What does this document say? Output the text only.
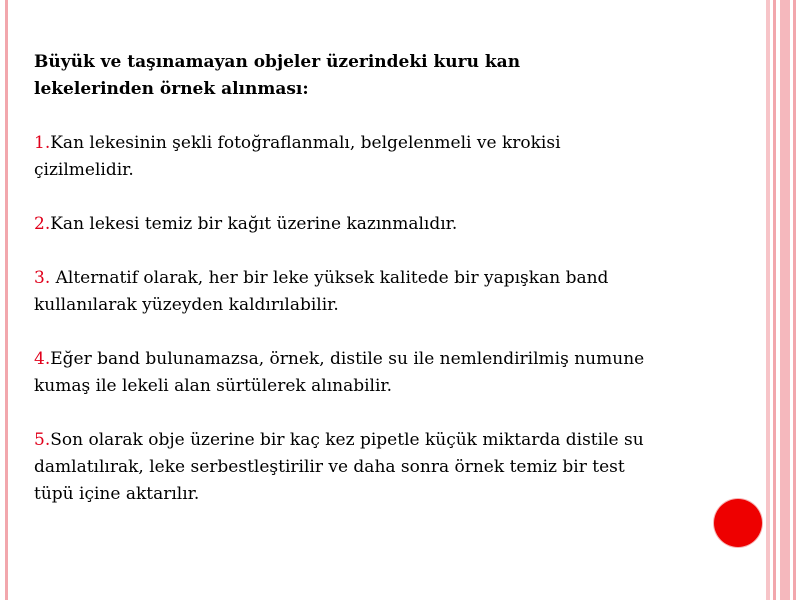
Büyük ve taşınamayan objeler üzerindeki kuru kan

lekelerinden örnek alınması:

1.Kan lekesinin şekli fotoğraflanmalı, belgelenmeli ve krokisi

çizilmelidir.

2.Kan lekesi temiz bir kağıt üzerine kazınmalıdır.

3. Alternatif olarak, her bir leke yüksek kalitede bir yapışkan band

kullanılarak yüzeyden kaldırılabilir.

4.Eğer band bulunamazsa, örnek, distile su ile nemlendirilmiş numune

kumaş ile lekeli alan sürtülerek alınabilir.

5.Son olarak obje üzerine bir kaç kez pipetle küçük miktarda distile su

damlatılırak, leke serbestleştirilir ve daha sonra örnek temiz bir test

tüpü içine aktarılır.
